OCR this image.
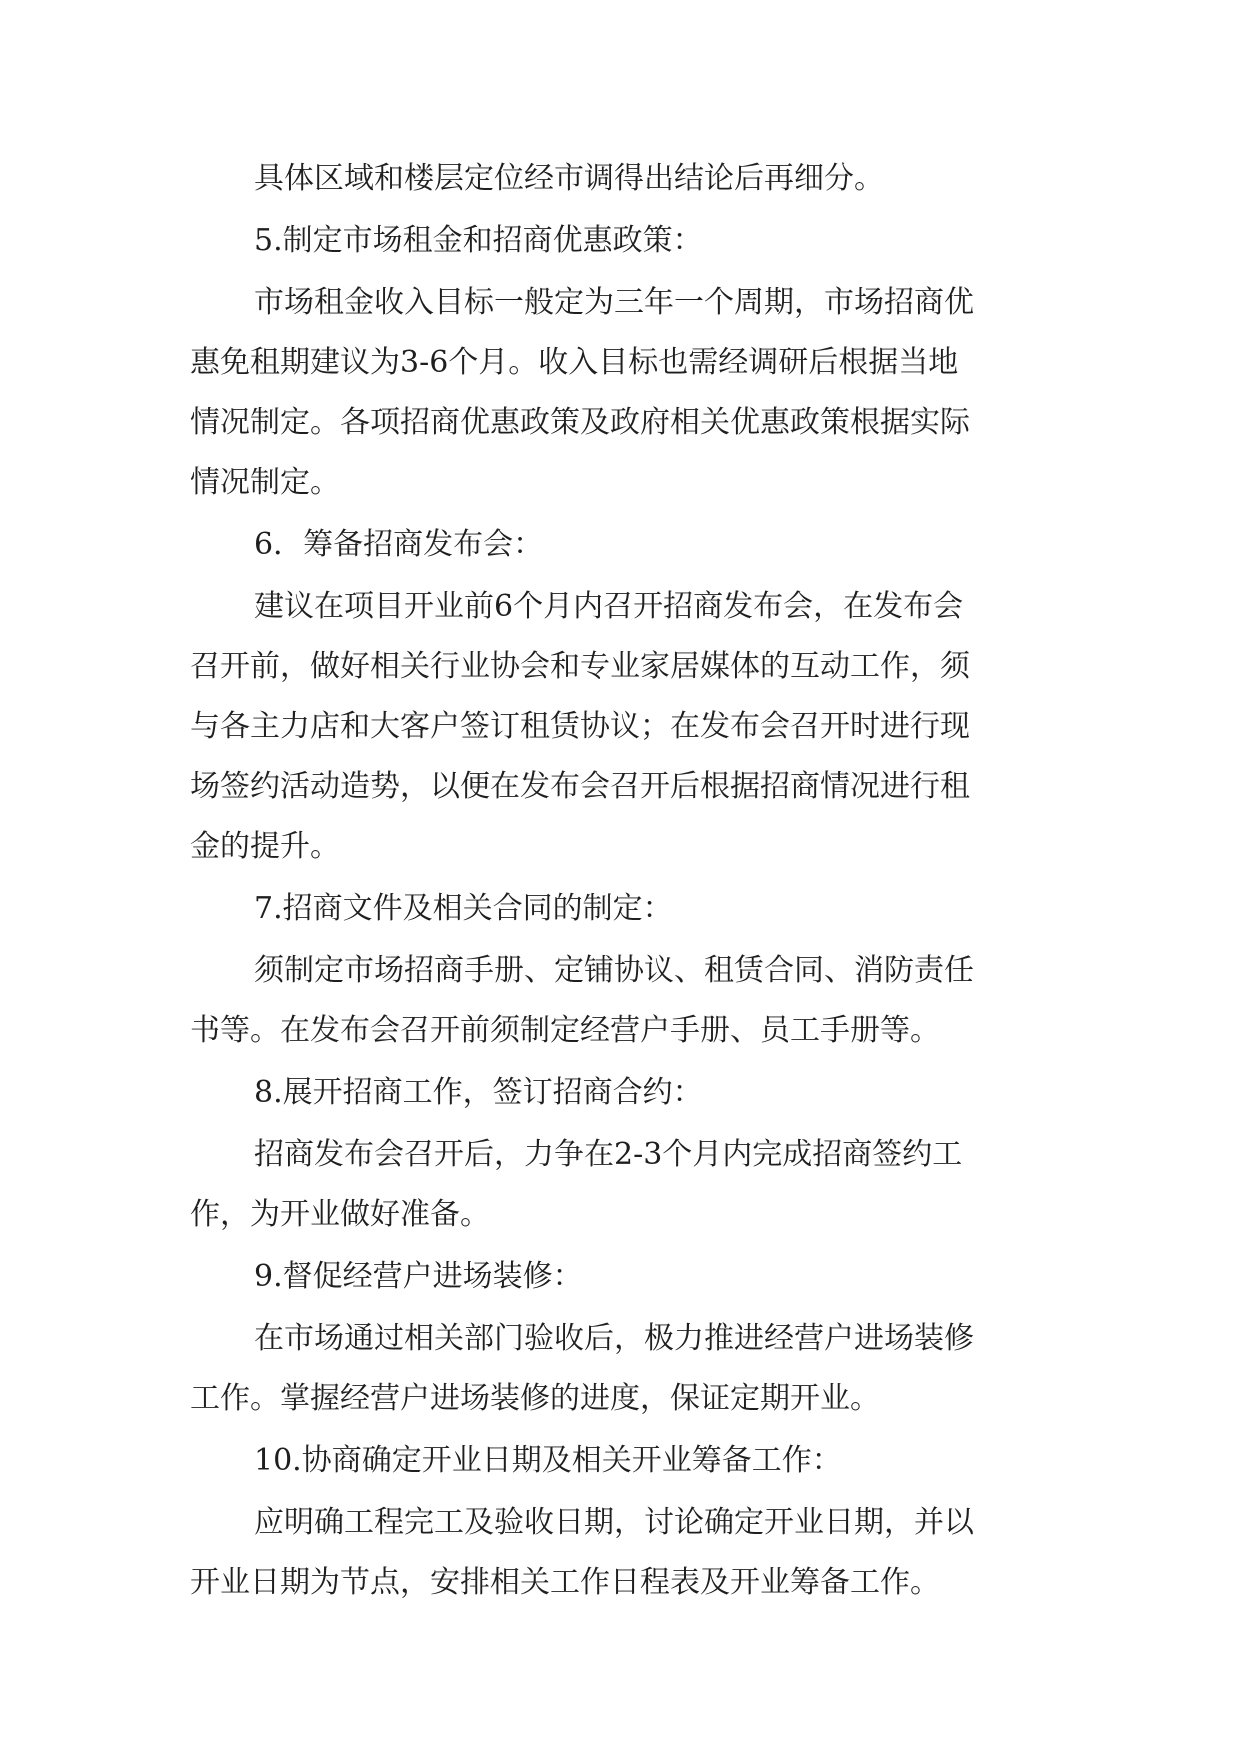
具体区域和楼层定位经市调得出结论后再细分。
5.制定市场租金和招商优惠政策：
市场租金收入目标一般定为三年一个周期，市场招商优
惠免租期建议为3-6个月。收入目标也需经调研后根据当地
情况制定。各项招商优惠政策及政府相关优惠政策根据实际
情况制定。
6．筹备招商发布会：
建议在项目开业前6个月内召开招商发布会，在发布会
召开前，做好相关行业协会和专业家居媒体的互动工作，须
与各主力店和大客户签订租赁协议；在发布会召开时进行现
场签约活动造势，以便在发布会召开后根据招商情况进行租
金的提升。
7.招商文件及相关合同的制定：
须制定市场招商手册、定铺协议、租赁合同、消防责任
书等。在发布会召开前须制定经营户手册、员工手册等。
8.展开招商工作，签订招商合约：
招商发布会召开后，力争在2-3个月内完成招商签约工
作，为开业做好准备。
9.督促经营户进场装修：
在市场通过相关部门验收后，极力推进经营户进场装修
工作。掌握经营户进场装修的进度，保证定期开业。
10.协商确定开业日期及相关开业筹备工作：
应明确工程完工及验收日期，讨论确定开业日期，并以
开业日期为节点，安排相关工作日程表及开业筹备工作。
